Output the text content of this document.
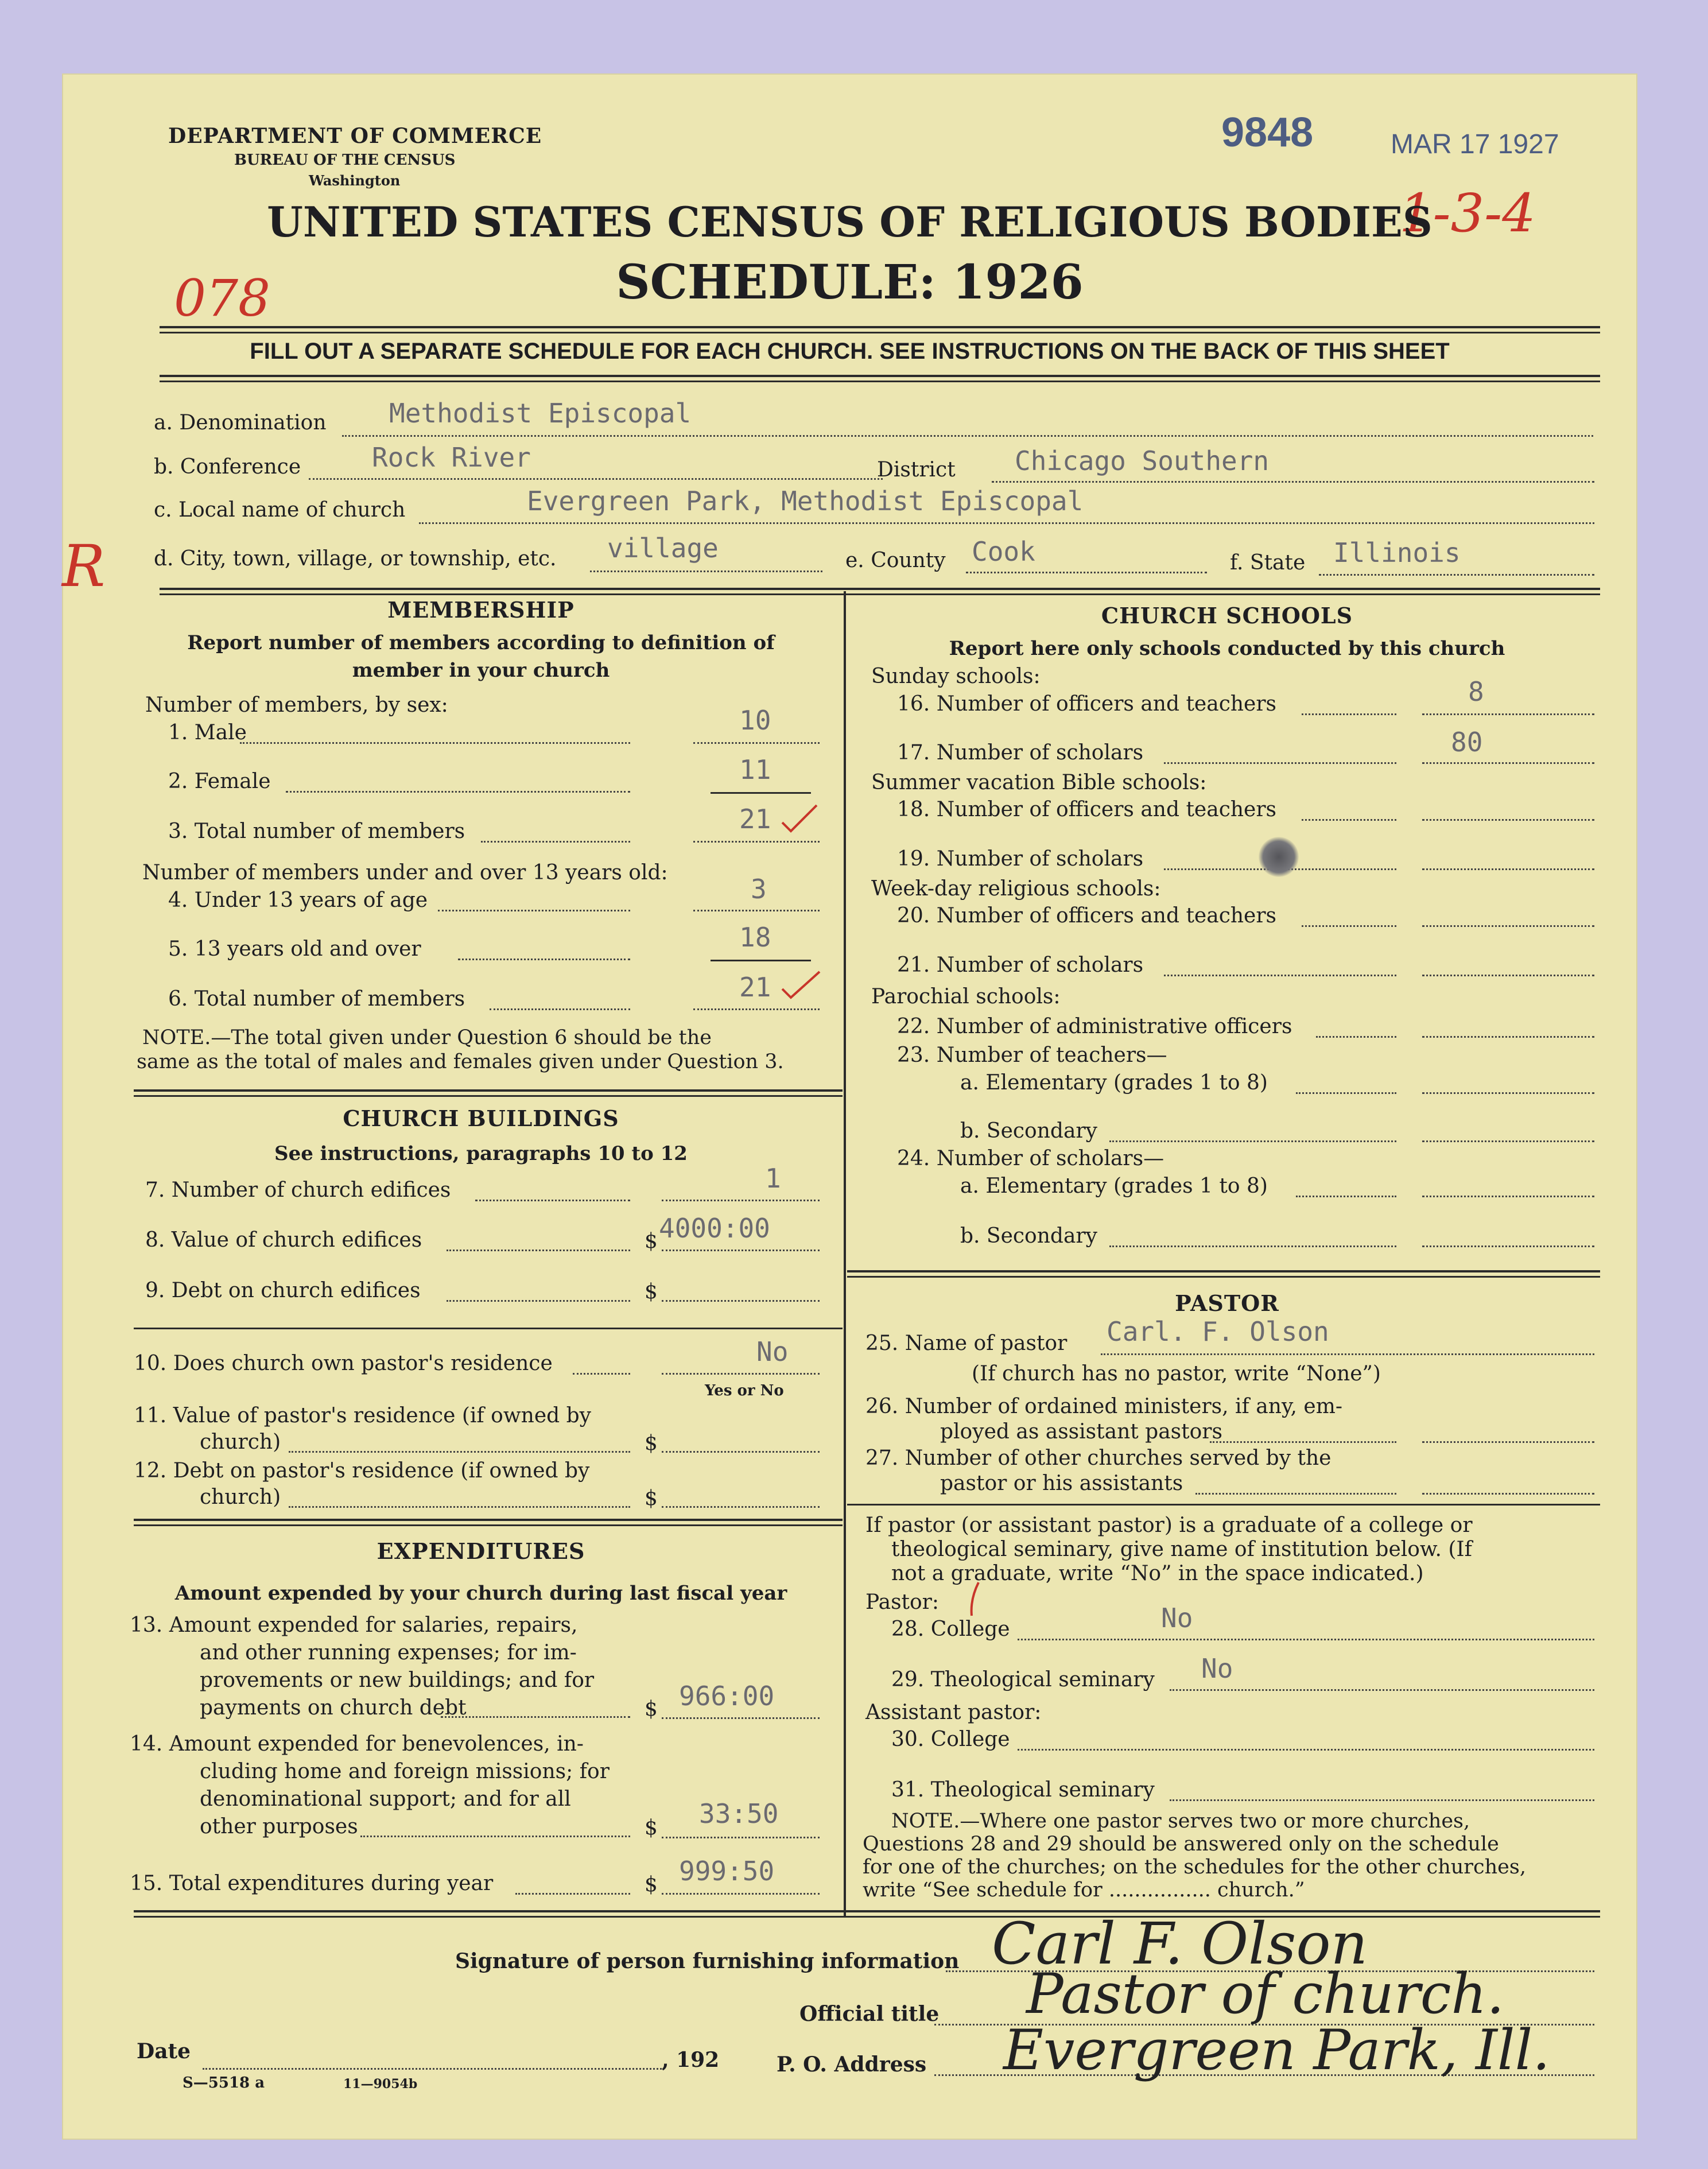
DEPARTMENT OF COMMERCE
BUREAU OF THE CENSUS
Washington
9848	MAR 17 1927
1-3-4
078
UNITED STATES CENSUS OF RELIGIOUS BODIES
SCHEDULE: 1926
FILL OUT A SEPARATE SCHEDULE FOR EACH CHURCH. SEE INSTRUCTIONS ON THE BACK OF THIS SHEET
R
a. Denomination Methodist Episcopal
b. Conference	Rock River	District Chicago Southern
c. Local name of church	Evergreen Park, Methodist Episcopal
d. City, town, village, or township, etc. village	e. County Cook	f. State Illinois
MEMBERSHIP
Report number of members according to definition of
member in your church
Number of members, by sex:
1. Male	10
2. Female	11
3. Total number of members	21
Number of members under and over 13 years old:
4. Under 13 years of age	3
5. 13 years old and over	18
6. Total number of members	21
NOTE.—The total given under Question 6 should be the
same as the total of males and females given under Question 3.
CHURCH BUILDINGS
See instructions, paragraphs 10 to 12
7. Number of church edifices	1
8. Value of church edifices	$ 4000:00
9. Debt on church edifices	$
10. Does church own pastor's residence	No
Yes or No
11. Value of pastor's residence (if owned by
church)	$
12. Debt on pastor's residence (if owned by
church)	$
EXPENDITURES
Amount expended by your church during last fiscal year
13. Amount expended for salaries, repairs,
and other running expenses; for im-
provements or new buildings; and for
payments on church debt	$ 966:00
14. Amount expended for benevolences, in-
cluding home and foreign missions; for
denominational support; and for all
other purposes	$ 33:50
15. Total expenditures during year	$ 999:50
CHURCH SCHOOLS
Report here only schools conducted by this church
Sunday schools:
16. Number of officers and teachers	8
17. Number of scholars	80
Summer vacation Bible schools:
18. Number of officers and teachers
19. Number of scholars
Week-day religious schools:
20. Number of officers and teachers
21. Number of scholars
Parochial schools:
22. Number of administrative officers
23. Number of teachers—
a. Elementary (grades 1 to 8)
b. Secondary
24. Number of scholars—
a. Elementary (grades 1 to 8)
b. Secondary
PASTOR
25. Name of pastor Carl. F. Olson
(If church has no pastor, write “None”)
26. Number of ordained ministers, if any, em-
ployed as assistant pastors
27. Number of other churches served by the
pastor or his assistants
If pastor (or assistant pastor) is a graduate of a college or
theological seminary, give name of institution below. (If
not a graduate, write “No” in the space indicated.)
Pastor:
28. College	No
29. Theological seminary No
Assistant pastor:
30. College
31. Theological seminary
NOTE.—Where one pastor serves two or more churches,
Questions 28 and 29 should be answered only on the schedule
for one of the churches; on the schedules for the other churches,
write “See schedule for ................ church.”
Signature of person furnishing information Carl F. Olson
Official title Pastor of church.
P. O. Address Evergreen Park, Ill.
Date	, 192
S—5518 a	11—9054b
